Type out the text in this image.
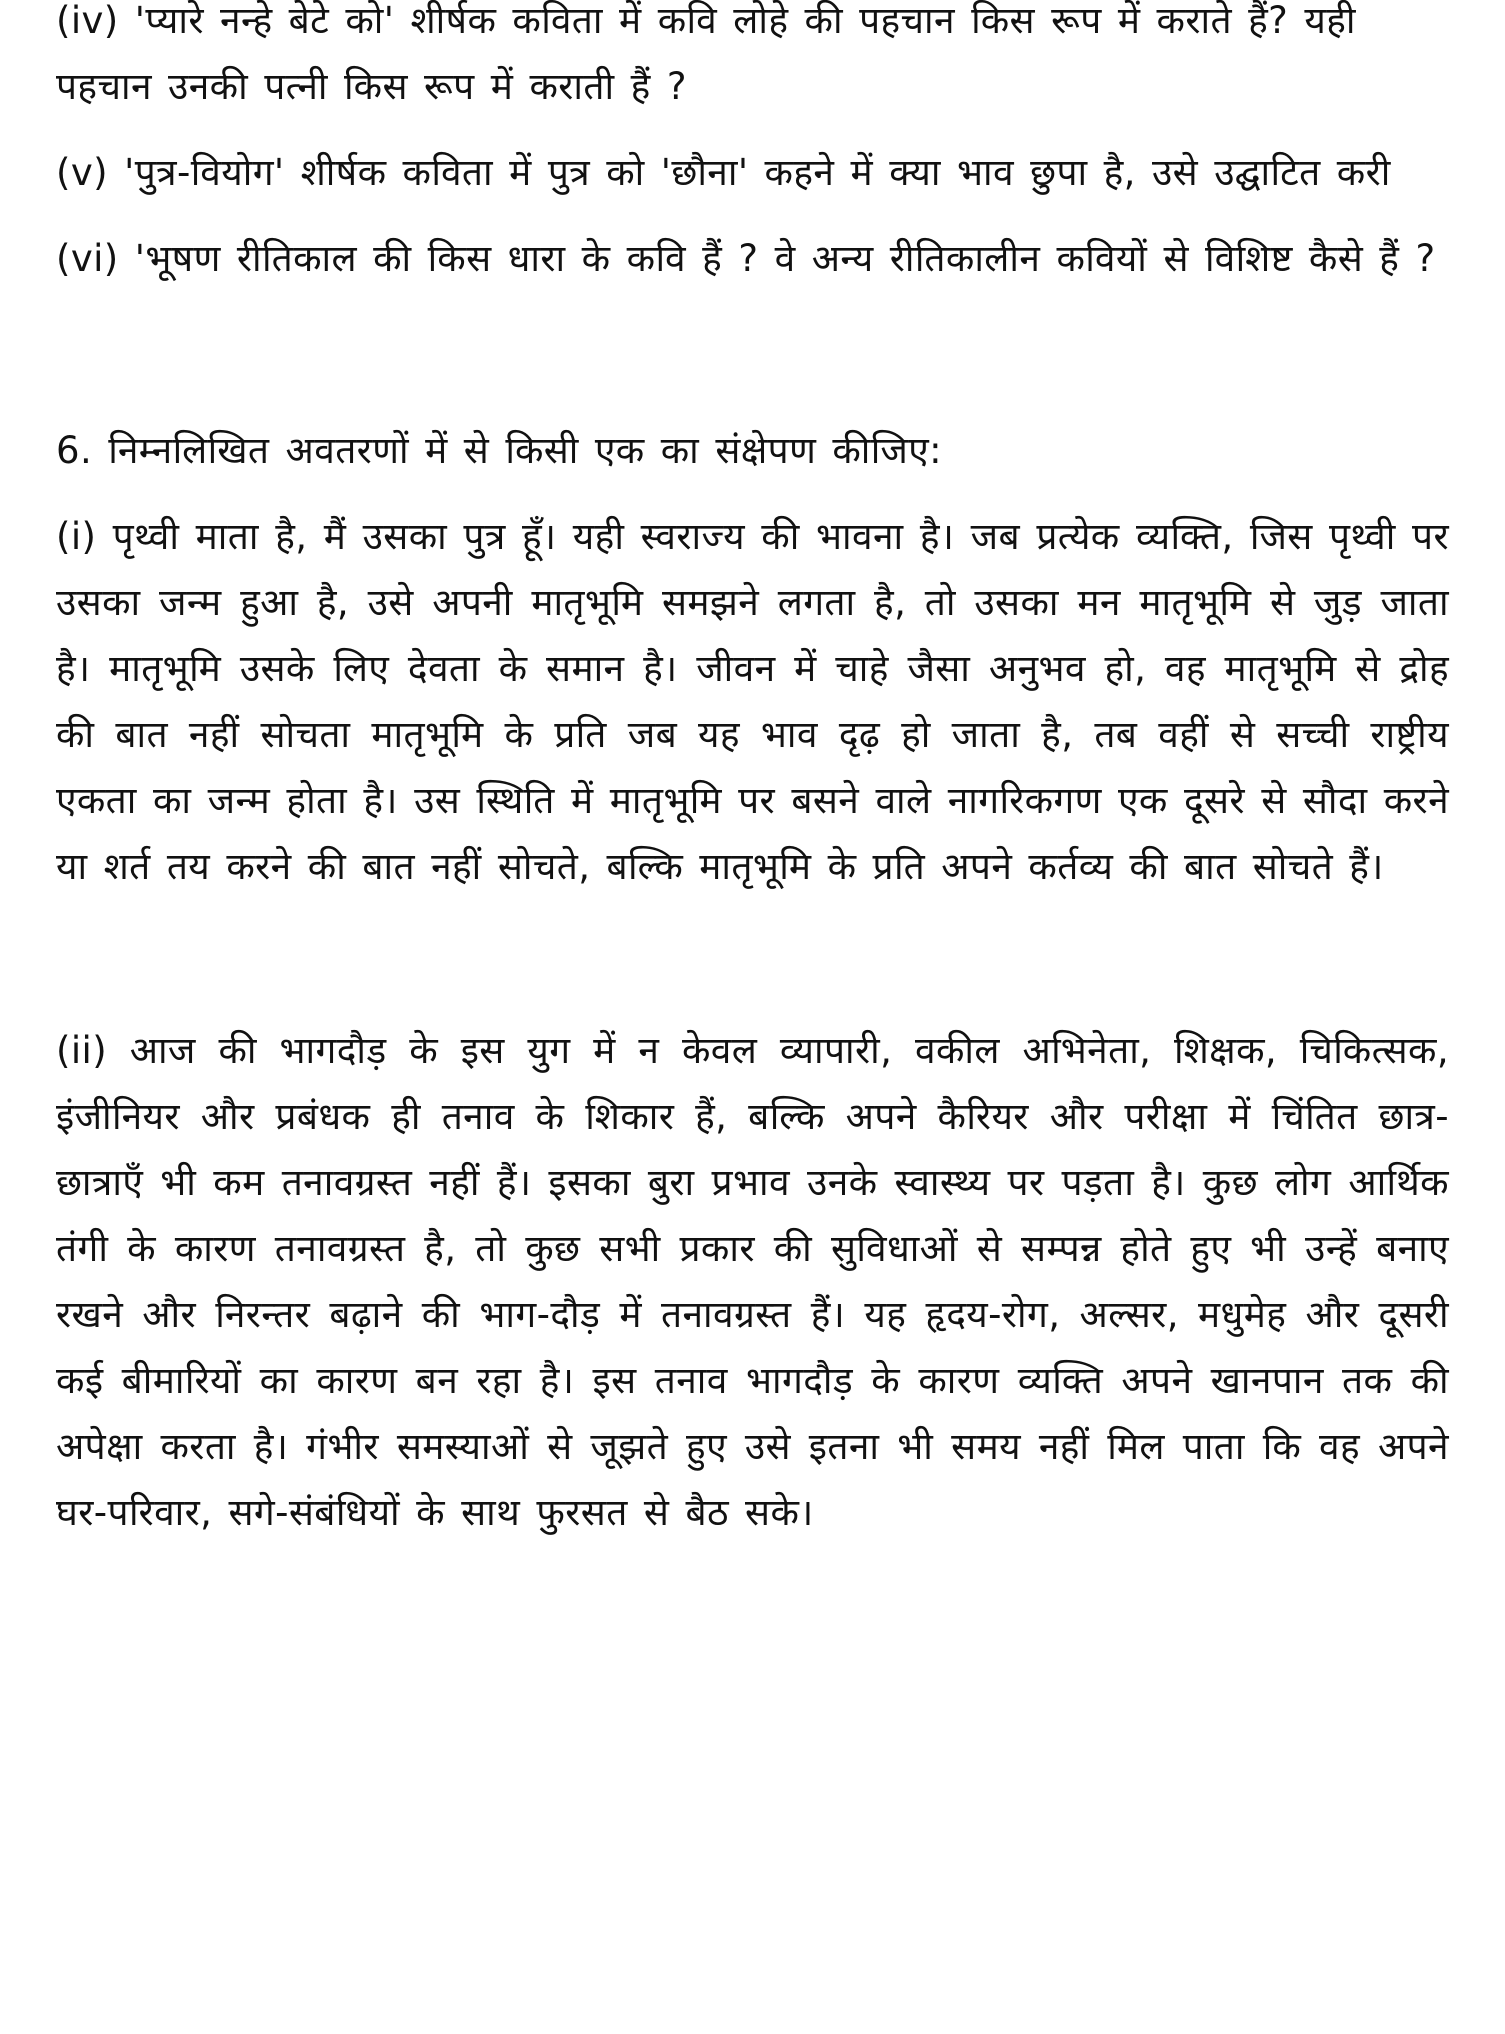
(iv) 'प्यारे नन्हे बेटे को' शीर्षक कविता में कवि लोहे की पहचान किस रूप में कराते हैं? यही पहचान उनकी पत्नी किस रूप में कराती हैं ?

(v) 'पुत्र-वियोग' शीर्षक कविता में पुत्र को 'छौना' कहने में क्या भाव छुपा है, उसे उद्घाटित करी

(vi) 'भूषण रीतिकाल की किस धारा के कवि हैं ? वे अन्य रीतिकालीन कवियों से विशिष्ट कैसे हैं ?

6. निम्नलिखित अवतरणों में से किसी एक का संक्षेपण कीजिए:

(i) पृथ्वी माता है, मैं उसका पुत्र हूँ। यही स्वराज्य की भावना है। जब प्रत्येक व्यक्ति, जिस पृथ्वी पर उसका जन्म हुआ है, उसे अपनी मातृभूमि समझने लगता है, तो उसका मन मातृभूमि से जुड़ जाता है। मातृभूमि उसके लिए देवता के समान है। जीवन में चाहे जैसा अनुभव हो, वह मातृभूमि से द्रोह की बात नहीं सोचता मातृभूमि के प्रति जब यह भाव दृढ़ हो जाता है, तब वहीं से सच्ची राष्ट्रीय एकता का जन्म होता है। उस स्थिति में मातृभूमि पर बसने वाले नागरिकगण एक दूसरे से सौदा करने या शर्त तय करने की बात नहीं सोचते, बल्कि मातृभूमि के प्रति अपने कर्तव्य की बात सोचते हैं।

(ii) आज की भागदौड़ के इस युग में न केवल व्यापारी, वकील अभिनेता, शिक्षक, चिकित्सक, इंजीनियर और प्रबंधक ही तनाव के शिकार हैं, बल्कि अपने कैरियर और परीक्षा में चिंतित छात्र-छात्राएँ भी कम तनावग्रस्त नहीं हैं। इसका बुरा प्रभाव उनके स्वास्थ्य पर पड़ता है। कुछ लोग आर्थिक तंगी के कारण तनावग्रस्त है, तो कुछ सभी प्रकार की सुविधाओं से सम्पन्न होते हुए भी उन्हें बनाए रखने और निरन्तर बढ़ाने की भाग-दौड़ में तनावग्रस्त हैं। यह हृदय-रोग, अल्सर, मधुमेह और दूसरी कई बीमारियों का कारण बन रहा है। इस तनाव भागदौड़ के कारण व्यक्ति अपने खानपान तक की अपेक्षा करता है। गंभीर समस्याओं से जूझते हुए उसे इतना भी समय नहीं मिल पाता कि वह अपने घर-परिवार, सगे-संबंधियों के साथ फुरसत से बैठ सके।
